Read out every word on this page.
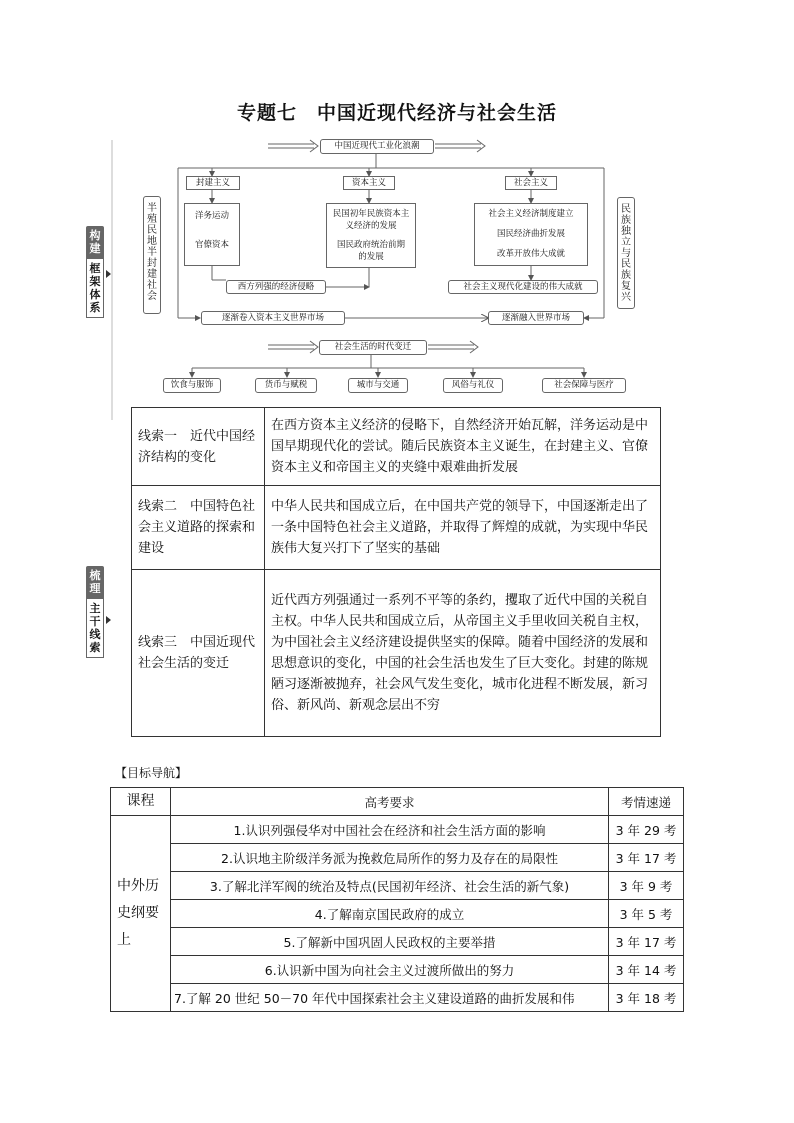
专题七　中国近现代经济与社会生活
中国近现代工业化浪潮
封建主义	资本主义	社会主义
洋务运动
官僚资本
民国初年民族资本主义经济的发展
国民政府统治前期的发展
社会主义经济制度建立
国民经济曲折发展
改革开放伟大成就
半殖民地半封建社会
民族独立与民族复兴
西方列强的经济侵略	社会主义现代化建设的伟大成就
逐渐卷入资本主义世界市场	逐渐融入世界市场
社会生活的时代变迁
饮食与服饰	货币与赋税	城市与交通	风俗与礼仪	社会保障与医疗
构建
框架体系
梳理
主干线索
线索一　近代中国经济结构的变化	在西方资本主义经济的侵略下，自然经济开始瓦解，洋务运动是中国早期现代化的尝试。随后民族资本主义诞生，在封建主义、官僚资本主义和帝国主义的夹缝中艰难曲折发展
线索二　中国特色社会主义道路的探索和建设	中华人民共和国成立后，在中国共产党的领导下，中国逐渐走出了一条中国特色社会主义道路，并取得了辉煌的成就，为实现中华民族伟大复兴打下了坚实的基础
线索三　中国近现代社会生活的变迁	近代西方列强通过一系列不平等的条约，攫取了近代中国的关税自主权。中华人民共和国成立后，从帝国主义手里收回关税自主权，为中国社会主义经济建设提供坚实的保障。随着中国经济的发展和思想意识的变化，中国的社会生活也发生了巨大变化。封建的陈规陋习逐渐被抛弃，社会风气发生变化，城市化进程不断发展，新习俗、新风尚、新观念层出不穷
【目标导航】
课程	高考要求	考情速递
中外历史纲要上	1.认识列强侵华对中国社会在经济和社会生活方面的影响	3 年 29 考
	2.认识地主阶级洋务派为挽救危局所作的努力及存在的局限性	3 年 17 考
	3.了解北洋军阀的统治及特点(民国初年经济、社会生活的新气象)	3 年 9 考
	4.了解南京国民政府的成立	3 年 5 考
	5.了解新中国巩固人民政权的主要举措	3 年 17 考
	6.认识新中国为向社会主义过渡所做出的努力	3 年 14 考
	7.了解 20 世纪 50－70 年代中国探索社会主义建设道路的曲折发展和伟	3 年 18 考
